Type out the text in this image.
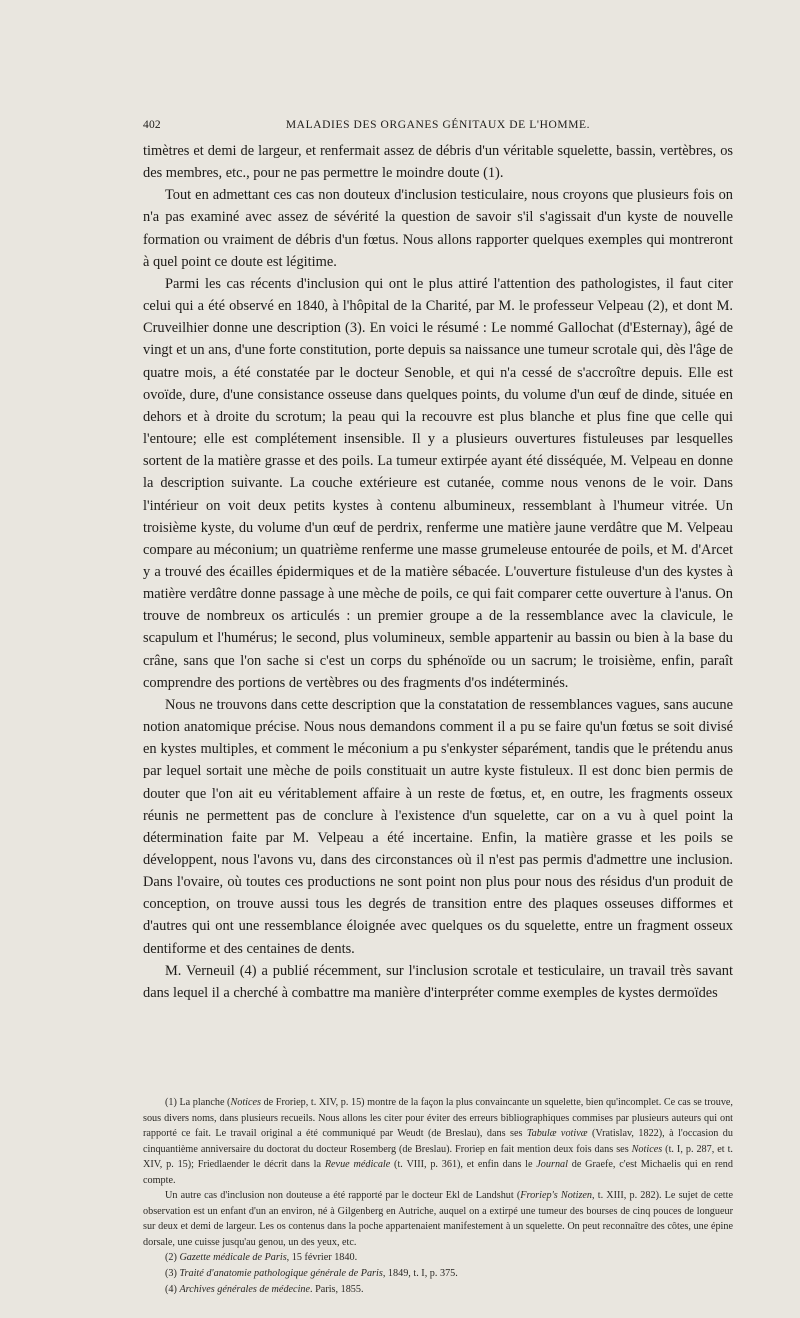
402	MALADIES DES ORGANES GÉNITAUX DE L'HOMME.

timètres et demi de largeur, et renfermait assez de débris d'un véritable squelette, bassin, vertèbres, os des membres, etc., pour ne pas permettre le moindre doute (1).

Tout en admettant ces cas non douteux d'inclusion testiculaire, nous croyons que plusieurs fois on n'a pas examiné avec assez de sévérité la question de savoir s'il s'agissait d'un kyste de nouvelle formation ou vraiment de débris d'un fœtus. Nous allons rapporter quelques exemples qui montreront à quel point ce doute est légitime.

Parmi les cas récents d'inclusion qui ont le plus attiré l'attention des pathologistes, il faut citer celui qui a été observé en 1840, à l'hôpital de la Charité, par M. le professeur Velpeau (2), et dont M. Cruveilhier donne une description (3). En voici le résumé : Le nommé Gallochat (d'Esternay), âgé de vingt et un ans, d'une forte constitution, porte depuis sa naissance une tumeur scrotale qui, dès l'âge de quatre mois, a été constatée par le docteur Senoble, et qui n'a cessé de s'accroître depuis. Elle est ovoïde, dure, d'une consistance osseuse dans quelques points, du volume d'un œuf de dinde, située en dehors et à droite du scrotum; la peau qui la recouvre est plus blanche et plus fine que celle qui l'entoure; elle est complétement insensible. Il y a plusieurs ouvertures fistuleuses par lesquelles sortent de la matière grasse et des poils. La tumeur extirpée ayant été disséquée, M. Velpeau en donne la description suivante. La couche extérieure est cutanée, comme nous venons de le voir. Dans l'intérieur on voit deux petits kystes à contenu albumineux, ressemblant à l'humeur vitrée. Un troisième kyste, du volume d'un œuf de perdrix, renferme une matière jaune verdâtre que M. Velpeau compare au méconium; un quatrième renferme une masse grumeleuse entourée de poils, et M. d'Arcet y a trouvé des écailles épidermiques et de la matière sébacée. L'ouverture fistuleuse d'un des kystes à matière verdâtre donne passage à une mèche de poils, ce qui fait comparer cette ouverture à l'anus. On trouve de nombreux os articulés : un premier groupe a de la ressemblance avec la clavicule, le scapulum et l'humérus; le second, plus volumineux, semble appartenir au bassin ou bien à la base du crâne, sans que l'on sache si c'est un corps du sphénoïde ou un sacrum; le troisième, enfin, paraît comprendre des portions de vertèbres ou des fragments d'os indéterminés.

Nous ne trouvons dans cette description que la constatation de ressemblances vagues, sans aucune notion anatomique précise. Nous nous demandons comment il a pu se faire qu'un fœtus se soit divisé en kystes multiples, et comment le méconium a pu s'enkyster séparément, tandis que le prétendu anus par lequel sortait une mèche de poils constituait un autre kyste fistuleux. Il est donc bien permis de douter que l'on ait eu véritablement affaire à un reste de fœtus, et, en outre, les fragments osseux réunis ne permettent pas de conclure à l'existence d'un squelette, car on a vu à quel point la détermination faite par M. Velpeau a été incertaine. Enfin, la matière grasse et les poils se développent, nous l'avons vu, dans des circonstances où il n'est pas permis d'admettre une inclusion. Dans l'ovaire, où toutes ces productions ne sont point non plus pour nous des résidus d'un produit de conception, on trouve aussi tous les degrés de transition entre des plaques osseuses difformes et d'autres qui ont une ressemblance éloignée avec quelques os du squelette, entre un fragment osseux dentiforme et des centaines de dents.

M. Verneuil (4) a publié récemment, sur l'inclusion scrotale et testiculaire, un travail très savant dans lequel il a cherché à combattre ma manière d'interpréter comme exemples de kystes dermoïdes

(1) La planche (Notices de Froriep, t. XIV, p. 15) montre de la façon la plus convaincante un squelette, bien qu'incomplet. Ce cas se trouve, sous divers noms, dans plusieurs recueils. Nous allons les citer pour éviter des erreurs bibliographiques commises par plusieurs auteurs qui ont rapporté ce fait. Le travail original a été communiqué par Weudt (de Breslau), dans ses Tabulæ votivæ (Vratislav, 1822), à l'occasion du cinquantième anniversaire du doctorat du docteur Rosemberg (de Breslau). Froriep en fait mention deux fois dans ses Notices (t. I, p. 287, et t. XIV, p. 15); Friedlaender le décrit dans la Revue médicale (t. VIII, p. 361), et enfin dans le Journal de Graefe, c'est Michaelis qui en rend compte.

Un autre cas d'inclusion non douteuse a été rapporté par le docteur Ekl de Landshut (Froriep's Notizen, t. XIII, p. 282). Le sujet de cette observation est un enfant d'un an environ, né à Gilgenberg en Autriche, auquel on a extirpé une tumeur des bourses de cinq pouces de longueur sur deux et demi de largeur. Les os contenus dans la poche appartenaient manifestement à un squelette. On peut reconnaître des côtes, une épine dorsale, une cuisse jusqu'au genou, un des yeux, etc.

(2) Gazette médicale de Paris, 15 février 1840.

(3) Traité d'anatomie pathologique générale de Paris, 1849, t. I, p. 375.

(4) Archives générales de médecine. Paris, 1855.
